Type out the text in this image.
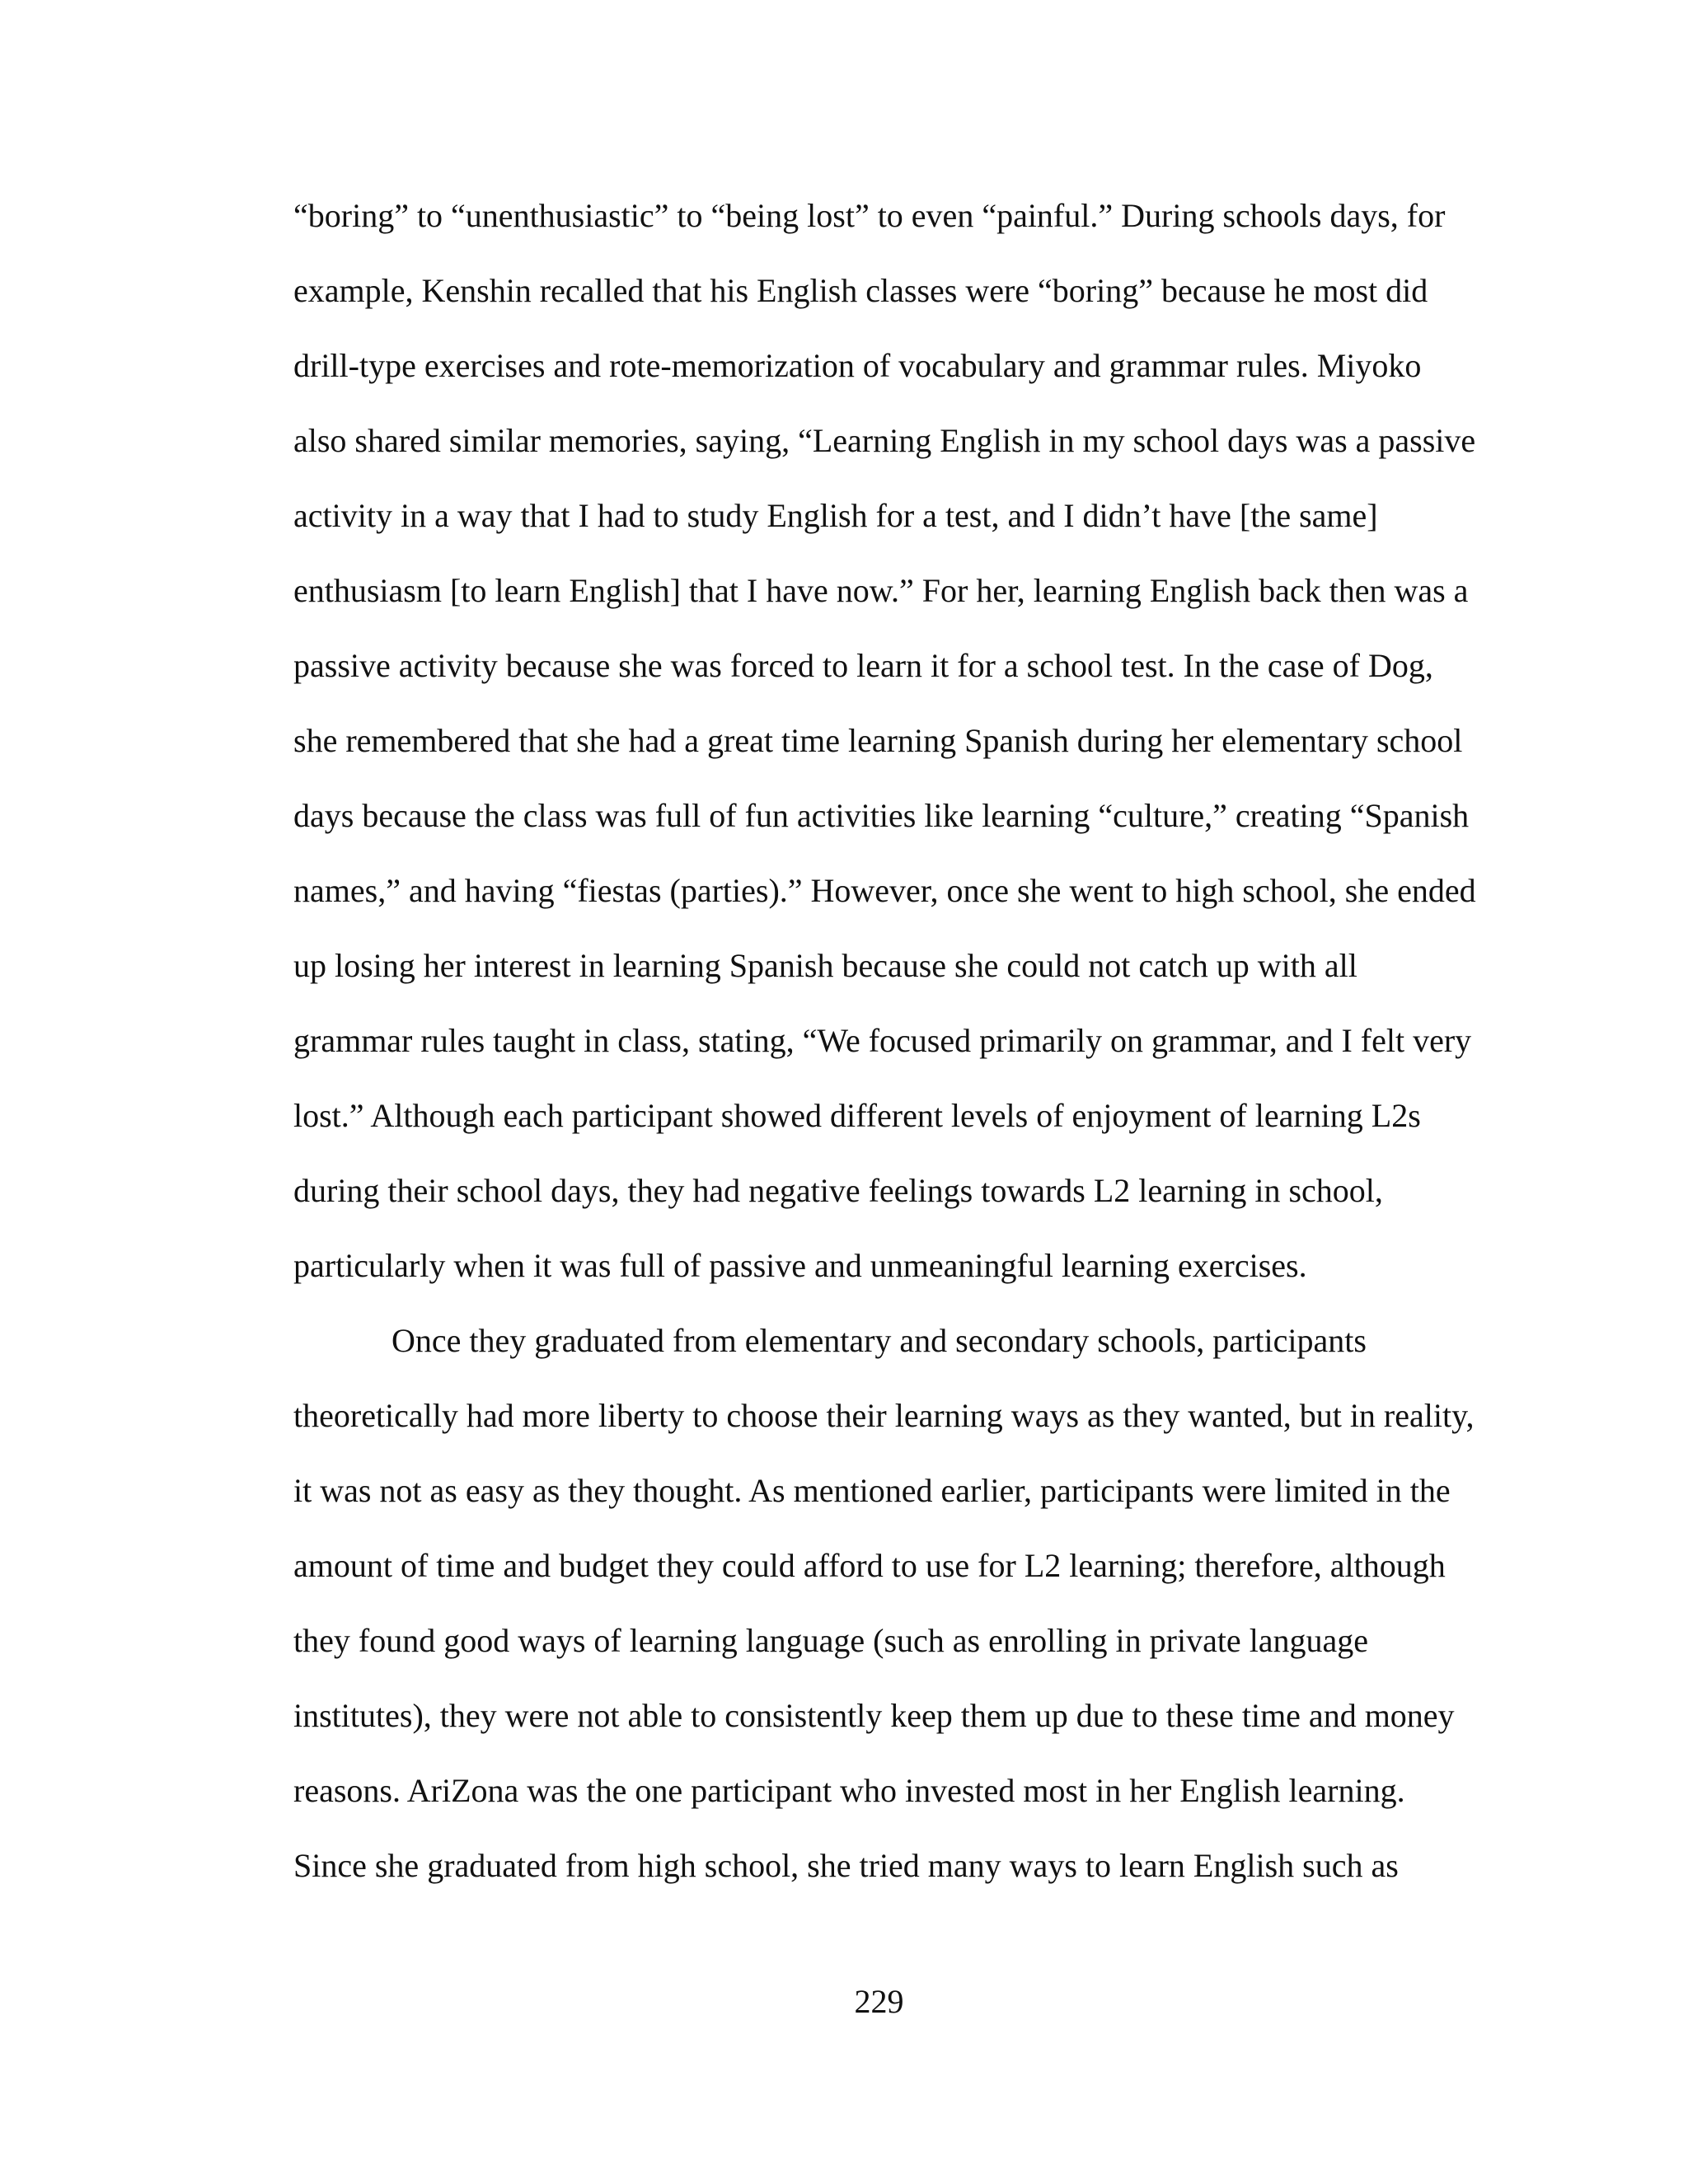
“boring” to “unenthusiastic” to “being lost” to even “painful.” During schools days, for
example, Kenshin recalled that his English classes were “boring” because he most did
drill-type exercises and rote-memorization of vocabulary and grammar rules. Miyoko
also shared similar memories, saying, “Learning English in my school days was a passive
activity in a way that I had to study English for a test, and I didn’t have [the same]
enthusiasm [to learn English] that I have now.” For her, learning English back then was a
passive activity because she was forced to learn it for a school test. In the case of Dog,
she remembered that she had a great time learning Spanish during her elementary school
days because the class was full of fun activities like learning “culture,” creating “Spanish
names,” and having “fiestas (parties).” However, once she went to high school, she ended
up losing her interest in learning Spanish because she could not catch up with all
grammar rules taught in class, stating, “We focused primarily on grammar, and I felt very
lost.” Although each participant showed different levels of enjoyment of learning L2s
during their school days, they had negative feelings towards L2 learning in school,
particularly when it was full of passive and unmeaningful learning exercises.
Once they graduated from elementary and secondary schools, participants
theoretically had more liberty to choose their learning ways as they wanted, but in reality,
it was not as easy as they thought. As mentioned earlier, participants were limited in the
amount of time and budget they could afford to use for L2 learning; therefore, although
they found good ways of learning language (such as enrolling in private language
institutes), they were not able to consistently keep them up due to these time and money
reasons. AriZona was the one participant who invested most in her English learning.
Since she graduated from high school, she tried many ways to learn English such as
229
